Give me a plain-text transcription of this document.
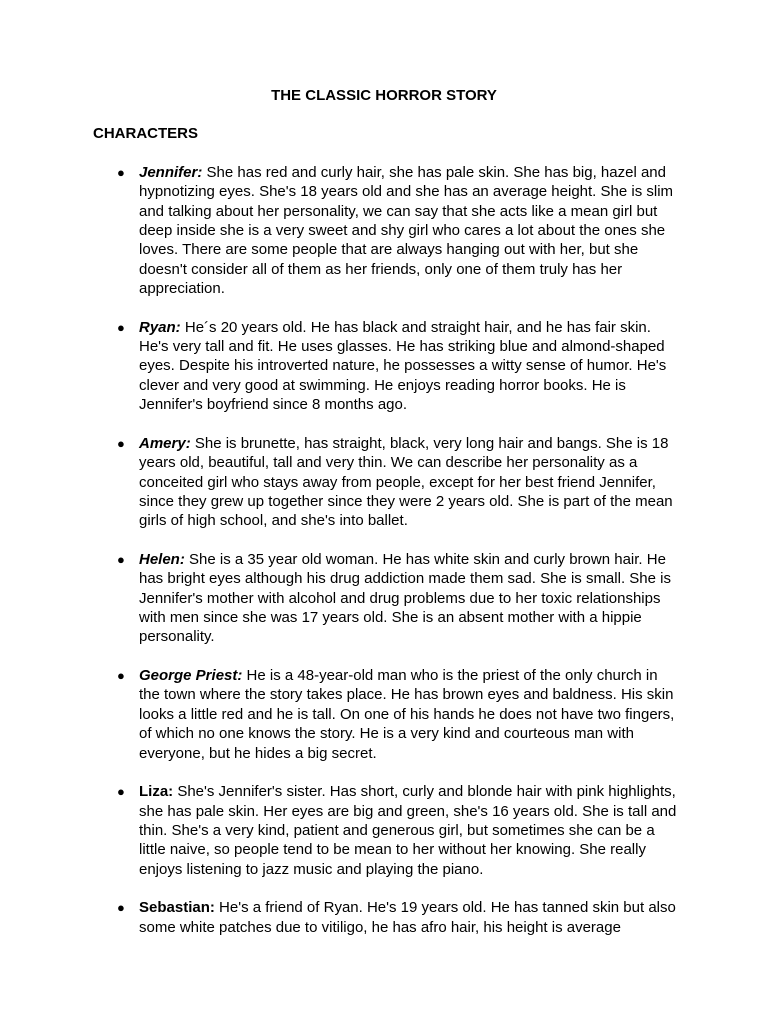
THE CLASSIC HORROR STORY
CHARACTERS
● Jennifer: She has red and curly hair, she has pale skin. She has big, hazel and hypnotizing eyes. She's 18 years old and she has an average height. She is slim and talking about her personality, we can say that she acts like a mean girl but deep inside she is a very sweet and shy girl who cares a lot about the ones she loves. There are some people that are always hanging out with her, but she doesn't consider all of them as her friends, only one of them truly has her appreciation.
● Ryan: He´s 20 years old. He has black and straight hair, and he has fair skin. He's very tall and fit. He uses glasses. He has striking blue and almond-shaped eyes. Despite his introverted nature, he possesses a witty sense of humor. He's clever and very good at swimming. He enjoys reading horror books. He is Jennifer's boyfriend since 8 months ago.
● Amery: She is brunette, has straight, black, very long hair and bangs. She is 18 years old, beautiful, tall and very thin. We can describe her personality as a conceited girl who stays away from people, except for her best friend Jennifer, since they grew up together since they were 2 years old. She is part of the mean girls of high school, and she's into ballet.
● Helen: She is a 35 year old woman. He has white skin and curly brown hair. He has bright eyes although his drug addiction made them sad. She is small. She is Jennifer's mother with alcohol and drug problems due to her toxic relationships with men since she was 17 years old. She is an absent mother with a hippie personality.
● George Priest: He is a 48-year-old man who is the priest of the only church in the town where the story takes place. He has brown eyes and baldness. His skin looks a little red and he is tall. On one of his hands he does not have two fingers, of which no one knows the story. He is a very kind and courteous man with everyone, but he hides a big secret.
● Liza: She's Jennifer's sister. Has short, curly and blonde hair with pink highlights, she has pale skin. Her eyes are big and green, she's 16 years old. She is tall and thin. She's a very kind, patient and generous girl, but sometimes she can be a little naive, so people tend to be mean to her without her knowing. She really enjoys listening to jazz music and playing the piano.
● Sebastian: He's a friend of Ryan. He's 19 years old. He has tanned skin but also some white patches due to vitiligo, he has afro hair, his height is average
